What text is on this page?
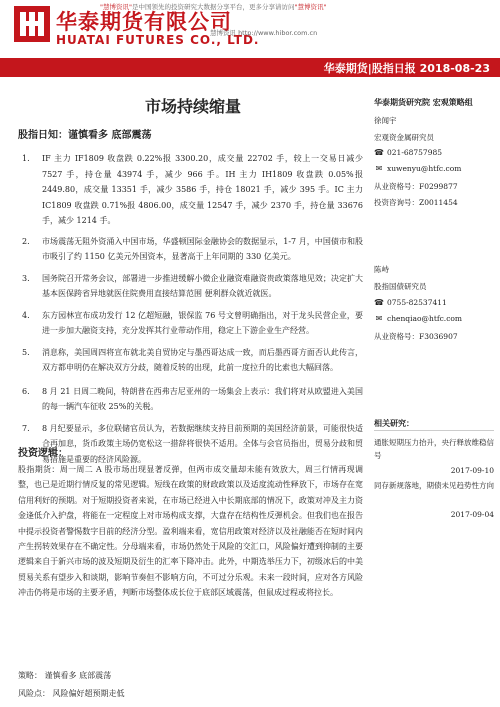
"慧博资讯"是中国领先的投资研究大数据分享平台，更多分享请访问"慧博资讯"
华泰期货有限公司
HUATAI FUTURES CO., LTD.
慧博资讯 http://www.hibor.com.cn
华泰期货|股指日报 2018-08-23
市场持续缩量
股指日知：谨慎看多 底部震荡
1. IF 主力 IF1809 收盘跌 0.22%报 3300.20，成交量 22702 手，较上一交易日减少 7527 手，持仓量 43974 手，减少 966 手。IH 主力 IH1809 收盘跌 0.05%报 2449.80，成交量 13351 手，减少 3586 手，持仓 18021 手，减少 395 手。IC 主力 IC1809 收盘跌 0.71%报 4806.00，成交量 12547 手，减少 2370 手，持仓量 33676 手，减少 1214 手。
2. 市场震荡无阻外资涌入中国市场，华盛顿国际金融协会的数据显示，1-7 月，中国债市和股市吸引了约 1150 亿美元外国资本，显著高于上年同期的 330 亿美元。
3. 国务院召开常务会议，部署进一步推进缓解小微企业融资难融资贵政策落地见效；决定扩大基本医保跨省异地就医住院费用直接结算范围 便利群众就近就医。
4. 东方园林宣布成功发行 12 亿超短融，银保监 76 号文曾明确指出，对于龙头民营企业，要进一步加大融资支持，充分发挥其行业带动作用，稳定上下游企业生产经营。
5. 消息称，美国周四将宣布就北美自贸协定与墨西哥达成一致，而后墨西哥方面否认此传言，双方都申明仍在解决双方分歧，随着反转的出现，此前一度拉升的比索也大幅回落。
6. 8 月 21 日周二晚间，特朗普在西弗吉尼亚州的一场集会上表示：我们将对从欧盟进入美国的每一辆汽车征收 25%的关税。
7. 8 月纪要显示，多位联储官员认为，若数据继续支持目前预期的美国经济前景，可能很快适合再加息，货币政策主场仍宽松这一措辞将很快不适用。全体与会官员指出，贸易分歧和贸易措施是重要的经济风险源。
投资逻辑：
股指期货：周一周二 A 股市场出现显著反弹，但两市成交量却未能有效放大，周三行情再现调整，也已是近期行情反复的常见逻辑。短线在政策的财政政策以及适度流动性释放下，市场存在宽信用利好的预期。对于短期投资者来说，在市场已经进入中长期底部的情况下，政策对冲及主力资金逢低介入护盘，将能在一定程度上对市场构成支撑，大盘存在结构性反弹机会。但我们也在报告中提示投资者警惕数字目前的经济分型。盈利端来看，宽信用政策对经济以及社融能否在短时间内产生拐转效果存在不确定性。分母端来看，市场仍然处于风险的交汇口，风险偏好遭到抑制的主要逻辑来自于新兴市场的波及短期及衍生的汇率下降冲击。此外，中期选举压力下，初级冰后的中美贸易关系有望步入和谈期，影响节奏但不影响方向，不可过分乐观。未来一段时间，应对各方风险冲击仍将是市场的主要矛盾，判断市场整体成长位于底部区域震荡，但鼠成过程或将拉长。
策略： 谨慎看多 底部震荡
风险点： 风险偏好超预期走低
华泰期货研究院 宏观策略组
徐闻宇
宏观资金属研究员
☎ 021-68757985
✉ xuwenyu@htfc.com
从业资格号：F0299877
投资咨询号：Z0011454
陈峙
股指国债研究员
☎ 0755-82537411
✉ chenqiao@htfc.com
从业资格号：F3036907
相关研究：
通胀短期压力抬升，央行释放维稳信号
2017-09-10
同存新规落地，期债未见趋势性方向
2017-09-04
